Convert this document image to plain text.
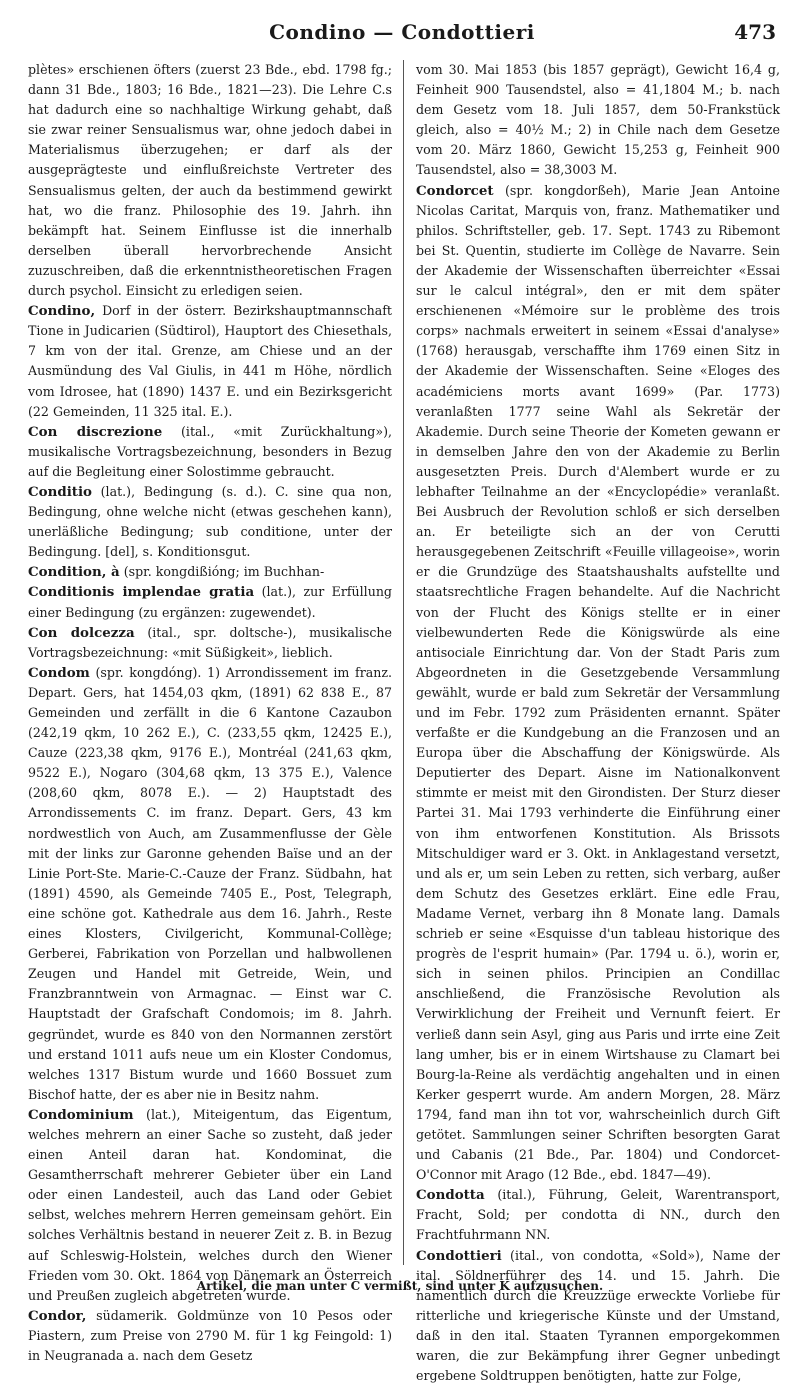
Condino — Condottieri	473

plètes» erschienen öfters (zuerst 23 Bde., ebd. 1798 fg.; dann 31 Bde., 1803; 16 Bde., 1821—23). Die Lehre C.s hat dadurch eine so nachhaltige Wirkung gehabt, daß sie zwar reiner Sensualismus war, ohne jedoch dabei in Materialismus überzugehen; er darf als der ausgeprägteste und einflußreichste Vertreter des Sensualismus gelten, der auch da bestimmend gewirkt hat, wo die franz. Philosophie des 19. Jahrh. ihn bekämpft hat. Seinem Einflusse ist die innerhalb derselben überall hervorbrechende Ansicht zuzuschreiben, daß die erkenntnistheoretischen Fragen durch psychol. Einsicht zu erledigen seien.

Condino, Dorf in der österr. Bezirkshauptmannschaft Tione in Judicarien (Südtirol), Hauptort des Chiesethals, 7 km von der ital. Grenze, am Chiese und an der Ausmündung des Val Giulis, in 441 m Höhe, nördlich vom Idrosee, hat (1890) 1437 E. und ein Bezirksgericht (22 Gemeinden, 11 325 ital. E.).

Con discrezione (ital., «mit Zurückhaltung»), musikalische Vortragsbezeichnung, besonders in Bezug auf die Begleitung einer Solostimme gebraucht.

Conditio (lat.), Bedingung (s. d.). C. sine qua non, Bedingung, ohne welche nicht (etwas geschehen kann), unerläßliche Bedingung; sub conditione, unter der Bedingung. [del], s. Konditionsgut.

Condition, à (spr. kongdißióng; im Buchhan-

Conditionis implendae gratia (lat.), zur Erfüllung einer Bedingung (zu ergänzen: zugewendet).

Con dolcezza (ital., spr. doltsche-), musikalische Vortragsbezeichnung: «mit Süßigkeit», lieblich.

Condom (spr. kongdóng). 1) Arrondissement im franz. Depart. Gers, hat 1454,03 qkm, (1891) 62 838 E., 87 Gemeinden und zerfällt in die 6 Kantone Cazaubon (242,19 qkm, 10 262 E.), C. (233,55 qkm, 12425 E.), Cauze (223,38 qkm, 9176 E.), Montréal (241,63 qkm, 9522 E.), Nogaro (304,68 qkm, 13 375 E.), Valence (208,60 qkm, 8078 E.). — 2) Hauptstadt des Arrondissements C. im franz. Depart. Gers, 43 km nordwestlich von Auch, am Zusammenflusse der Gèle mit der links zur Garonne gehenden Baïse und an der Linie Port-Ste. Marie-C.-Cauze der Franz. Südbahn, hat (1891) 4590, als Gemeinde 7405 E., Post, Telegraph, eine schöne got. Kathedrale aus dem 16. Jahrh., Reste eines Klosters, Civilgericht, Kommunal-Collège; Gerberei, Fabrikation von Porzellan und halbwollenen Zeugen und Handel mit Getreide, Wein, und Franzbranntwein von Armagnac. — Einst war C. Hauptstadt der Grafschaft Condomois; im 8. Jahrh. gegründet, wurde es 840 von den Normannen zerstört und erstand 1011 aufs neue um ein Kloster Condomus, welches 1317 Bistum wurde und 1660 Bossuet zum Bischof hatte, der es aber nie in Besitz nahm.

Condominium (lat.), Miteigentum, das Eigentum, welches mehrern an einer Sache so zusteht, daß jeder einen Anteil daran hat. Kondominat, die Gesamtherrschaft mehrerer Gebieter über ein Land oder einen Landesteil, auch das Land oder Gebiet selbst, welches mehrern Herren gemeinsam gehört. Ein solches Verhältnis bestand in neuerer Zeit z. B. in Bezug auf Schleswig-Holstein, welches durch den Wiener Frieden vom 30. Okt. 1864 von Dänemark an Österreich und Preußen zugleich abgetreten wurde.

Condor, südamerik. Goldmünze von 10 Pesos oder Piastern, zum Preise von 2790 M. für 1 kg Feingold: 1) in Neugranada a. nach dem Gesetz

vom 30. Mai 1853 (bis 1857 geprägt), Gewicht 16,4 g, Feinheit 900 Tausendstel, also = 41,1804 M.; b. nach dem Gesetz vom 18. Juli 1857, dem 50-Frankstück gleich, also = 40½ M.; 2) in Chile nach dem Gesetze vom 20. März 1860, Gewicht 15,253 g, Feinheit 900 Tausendstel, also = 38,3003 M.

Condorcet (spr. kongdorßeh), Marie Jean Antoine Nicolas Caritat, Marquis von, franz. Mathematiker und philos. Schriftsteller, geb. 17. Sept. 1743 zu Ribemont bei St. Quentin, studierte im Collège de Navarre. Sein der Akademie der Wissenschaften überreichter «Essai sur le calcul intégral», den er mit dem später erschienenen «Mémoire sur le problème des trois corps» nachmals erweitert in seinem «Essai d'analyse» (1768) herausgab, verschaffte ihm 1769 einen Sitz in der Akademie der Wissenschaften. Seine «Eloges des académiciens morts avant 1699» (Par. 1773) veranlaßten 1777 seine Wahl als Sekretär der Akademie. Durch seine Theorie der Kometen gewann er in demselben Jahre den von der Akademie zu Berlin ausgesetzten Preis. Durch d'Alembert wurde er zu lebhafter Teilnahme an der «Encyclopédie» veranlaßt. Bei Ausbruch der Revolution schloß er sich derselben an. Er beteiligte sich an der von Cerutti herausgegebenen Zeitschrift «Feuille villageoise», worin er die Grundzüge des Staatshaushalts aufstellte und staatsrechtliche Fragen behandelte. Auf die Nachricht von der Flucht des Königs stellte er in einer vielbewunderten Rede die Königswürde als eine antisociale Einrichtung dar. Von der Stadt Paris zum Abgeordneten in die Gesetzgebende Versammlung gewählt, wurde er bald zum Sekretär der Versammlung und im Febr. 1792 zum Präsidenten ernannt. Später verfaßte er die Kundgebung an die Franzosen und an Europa über die Abschaffung der Königswürde. Als Deputierter des Depart. Aisne im Nationalkonvent stimmte er meist mit den Girondisten. Der Sturz dieser Partei 31. Mai 1793 verhinderte die Einführung einer von ihm entworfenen Konstitution. Als Brissots Mitschuldiger ward er 3. Okt. in Anklagestand versetzt, und als er, um sein Leben zu retten, sich verbarg, außer dem Schutz des Gesetzes erklärt. Eine edle Frau, Madame Vernet, verbarg ihn 8 Monate lang. Damals schrieb er seine «Esquisse d'un tableau historique des progrès de l'esprit humain» (Par. 1794 u. ö.), worin er, sich in seinen philos. Principien an Condillac anschließend, die Französische Revolution als Verwirklichung der Freiheit und Vernunft feiert. Er verließ dann sein Asyl, ging aus Paris und irrte eine Zeit lang umher, bis er in einem Wirtshause zu Clamart bei Bourg-la-Reine als verdächtig angehalten und in einen Kerker gesperrt wurde. Am andern Morgen, 28. März 1794, fand man ihn tot vor, wahrscheinlich durch Gift getötet. Sammlungen seiner Schriften besorgten Garat und Cabanis (21 Bde., Par. 1804) und Condorcet-O'Connor mit Arago (12 Bde., ebd. 1847—49).

Condotta (ital.), Führung, Geleit, Warentransport, Fracht, Sold; per condotta di NN., durch den Frachtfuhrmann NN.

Condottieri (ital., von condotta, «Sold»), Name der ital. Söldnerführer des 14. und 15. Jahrh. Die namentlich durch die Kreuzzüge erweckte Vorliebe für ritterliche und kriegerische Künste und der Umstand, daß in den ital. Staaten Tyrannen emporgekommen waren, die zur Bekämpfung ihrer Gegner unbedingt ergebene Soldtruppen benötigten, hatte zur Folge,

Artikel, die man unter C vermißt, sind unter K aufzusuchen.
